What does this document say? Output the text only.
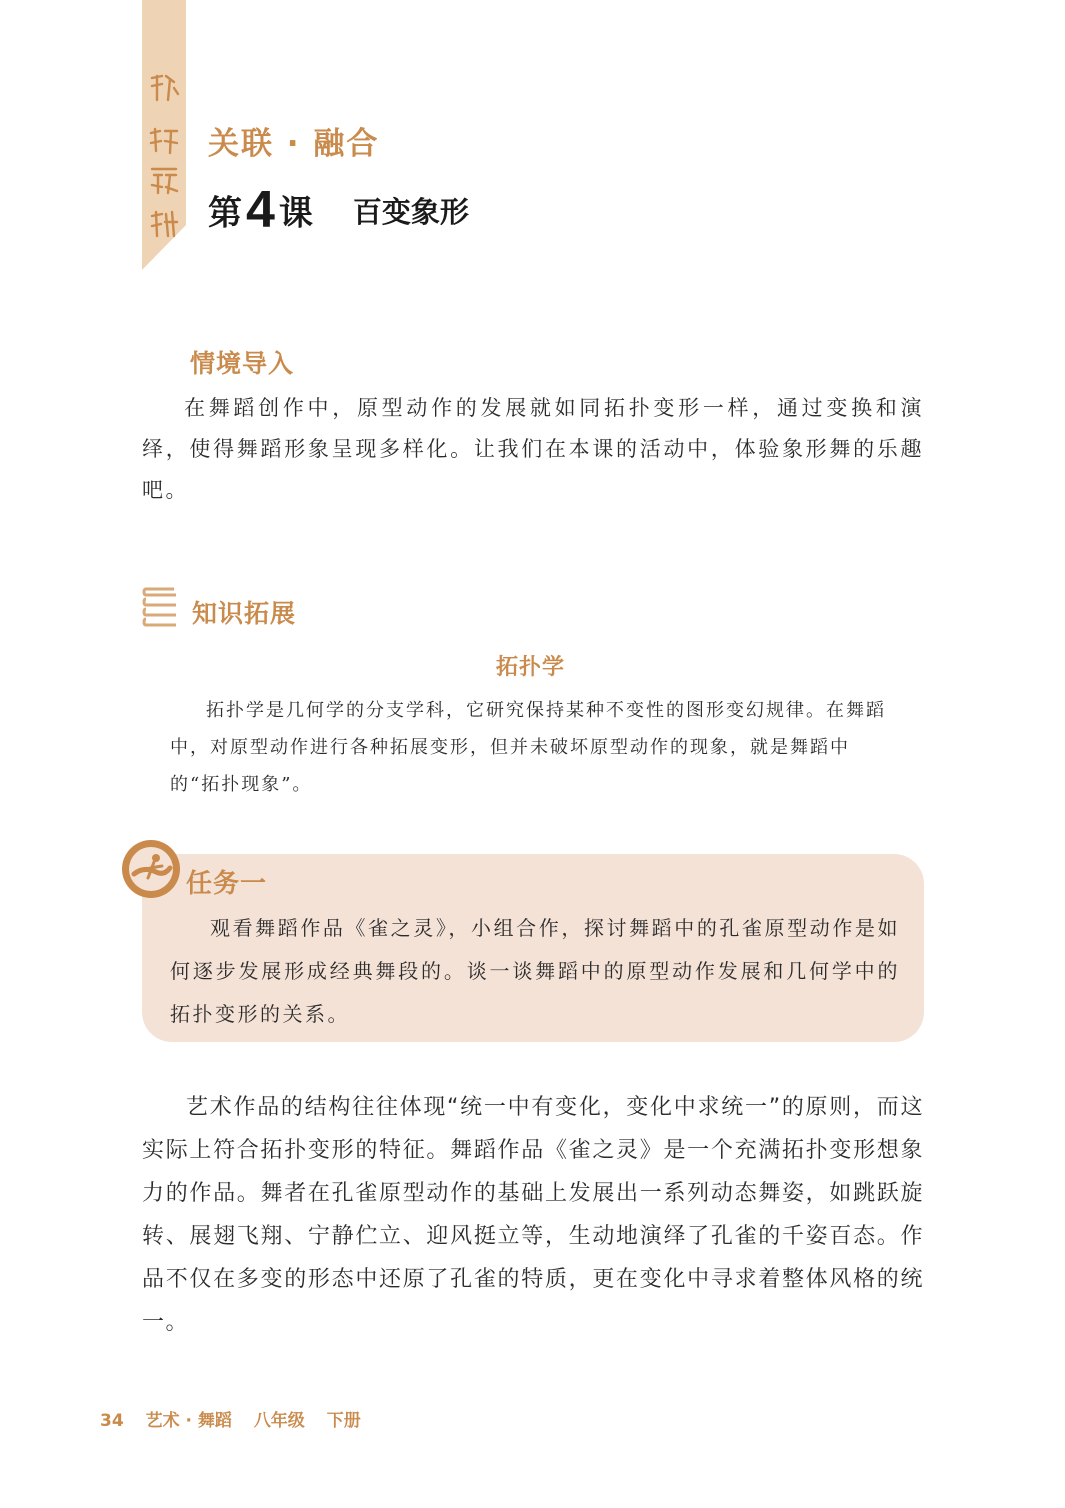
关联 · 融合
第4 课 百变象形
情境导入
在舞蹈创作中，原型动作的发展就如同拓扑变形一样，通过变换和演绎，使得舞蹈形象呈现多样化。让我们在本课的活动中，体验象形舞的乐趣吧。
知识拓展
拓扑学
拓扑学是几何学的分支学科，它研究保持某种不变性的图形变幻规律。在舞蹈中，对原型动作进行各种拓展变形，但并未破坏原型动作的现象，就是舞蹈中的“拓扑现象”。
任务一
观看舞蹈作品《雀之灵》，小组合作，探讨舞蹈中的孔雀原型动作是如何逐步发展形成经典舞段的。谈一谈舞蹈中的原型动作发展和几何学中的拓扑变形的关系。
艺术作品的结构往往体现“统一中有变化，变化中求统一”的原则，而这实际上符合拓扑变形的特征。舞蹈作品《雀之灵》是一个充满拓扑变形想象力的作品。舞者在孔雀原型动作的基础上发展出一系列动态舞姿，如跳跃旋转、展翅飞翔、宁静伫立、迎风挺立等，生动地演绎了孔雀的千姿百态。作品不仅在多变的形态中还原了孔雀的特质，更在变化中寻求着整体风格的统一。
34 艺术 · 舞蹈 八年级 下册
